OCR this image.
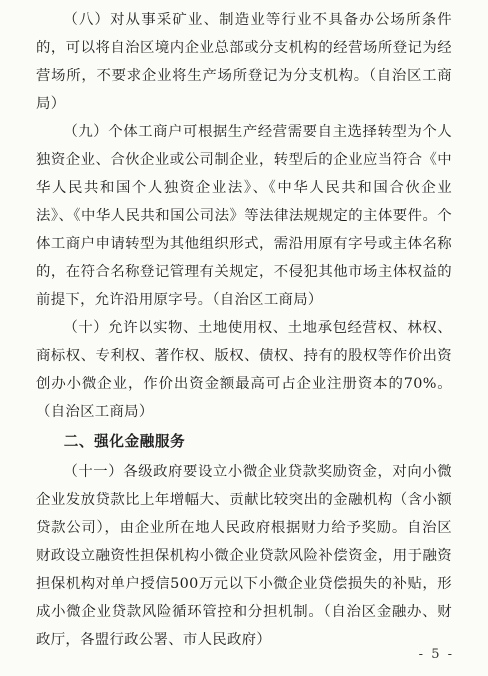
（八）对从事采矿业、制造业等行业不具备办公场所条件的，可以将自治区境内企业总部或分支机构的经营场所登记为经营场所，不要求企业将生产场所登记为分支机构。（自治区工商局）

（九）个体工商户可根据生产经营需要自主选择转型为个人独资企业、合伙企业或公司制企业，转型后的企业应当符合《中华人民共和国个人独资企业法》、《中华人民共和国合伙企业法》、《中华人民共和国公司法》等法律法规规定的主体要件。个体工商户申请转型为其他组织形式，需沿用原有字号或主体名称的，在符合名称登记管理有关规定，不侵犯其他市场主体权益的前提下，允许沿用原字号。（自治区工商局）

（十）允许以实物、土地使用权、土地承包经营权、林权、商标权、专利权、著作权、版权、债权、持有的股权等作价出资创办小微企业，作价出资金额最高可占企业注册资本的70%。（自治区工商局）

二、强化金融服务

（十一）各级政府要设立小微企业贷款奖励资金，对向小微企业发放贷款比上年增幅大、贡献比较突出的金融机构（含小额贷款公司），由企业所在地人民政府根据财力给予奖励。自治区财政设立融资性担保机构小微企业贷款风险补偿资金，用于融资担保机构对单户授信500万元以下小微企业贷偿损失的补贴，形成小微企业贷款风险循环管控和分担机制。（自治区金融办、财政厅，各盟行政公署、市人民政府）

- 5 -
